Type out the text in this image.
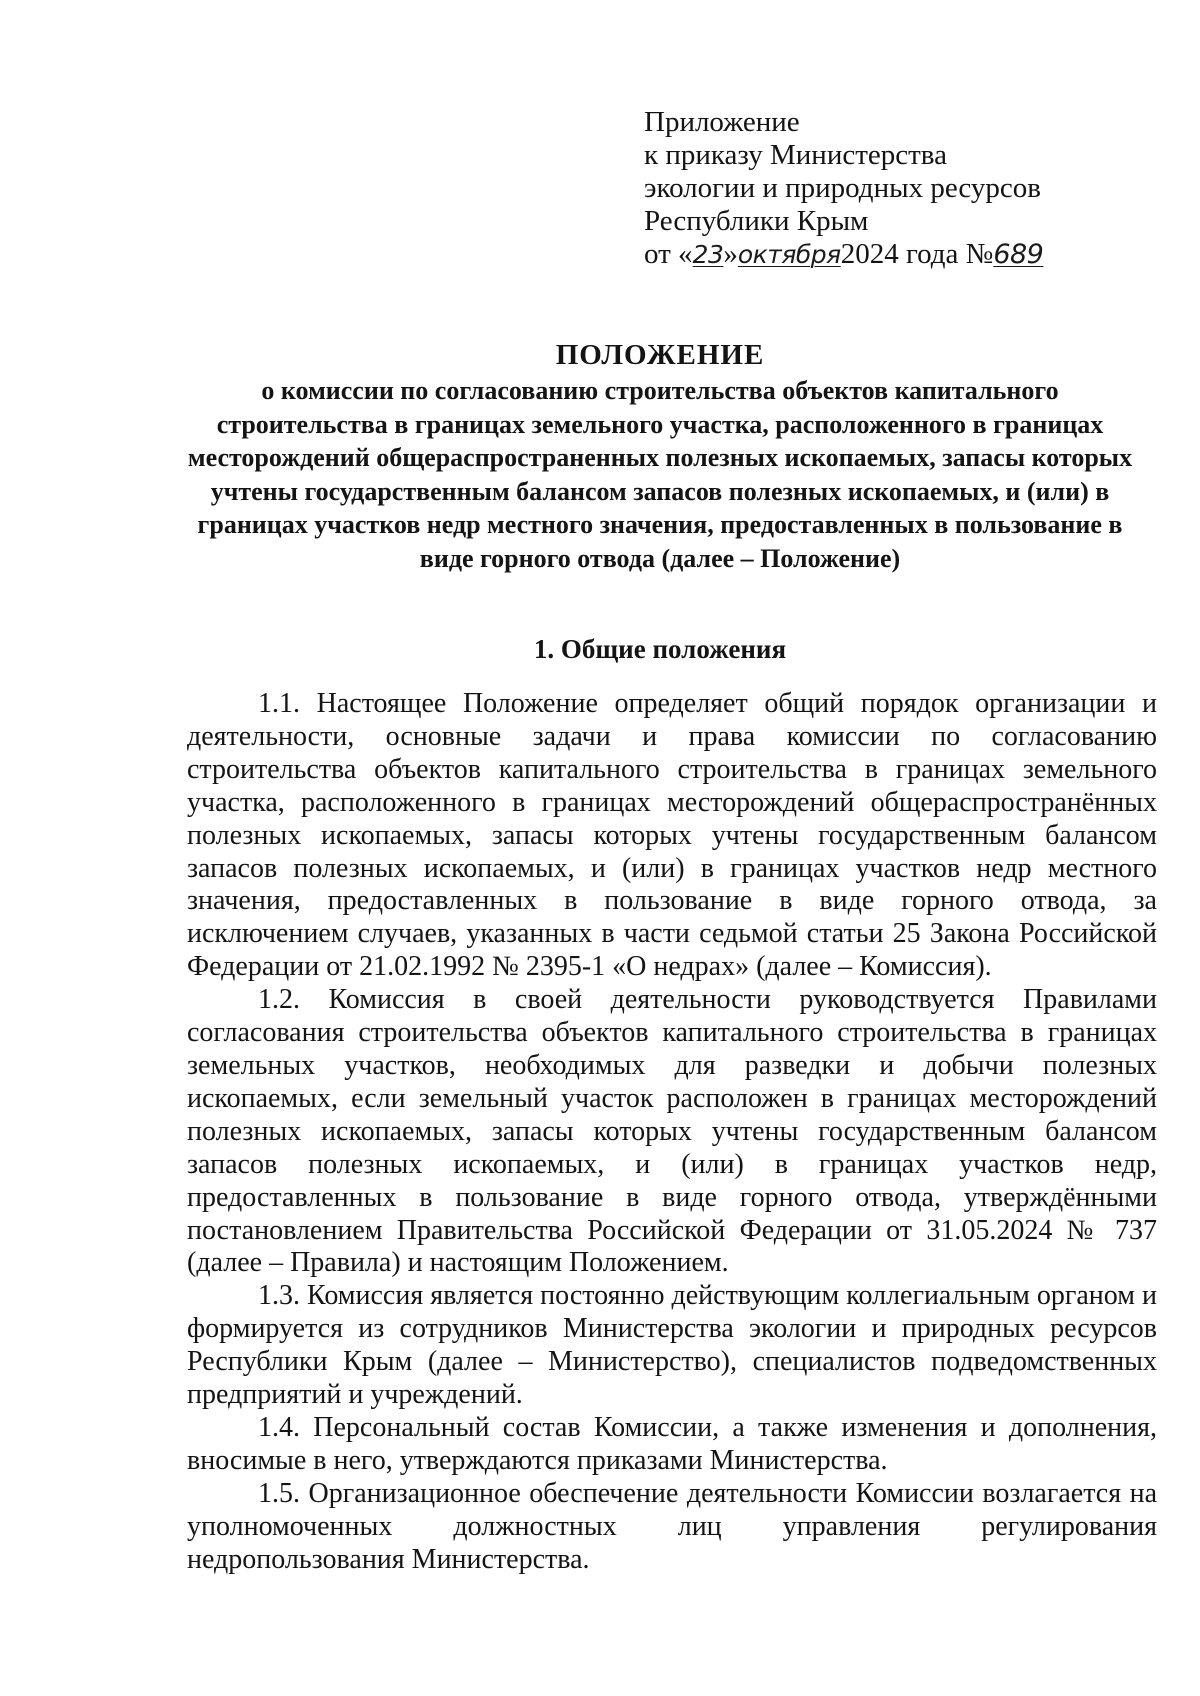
Приложение
к приказу Министерства
экологии и природных ресурсов
Республики Крым
от «23»октября2024 года №689
ПОЛОЖЕНИЕ
о комиссии по согласованию строительства объектов капитального строительства в границах земельного участка, расположенного в границах месторождений общераспространенных полезных ископаемых, запасы которых учтены государственным балансом запасов полезных ископаемых, и (или) в границах участков недр местного значения, предоставленных в пользование в виде горного отвода (далее – Положение)
1. Общие положения

1.1. Настоящее Положение определяет общий порядок организации и деятельности, основные задачи и права комиссии по согласованию строительства объектов капитального строительства в границах земельного участка, расположенного в границах месторождений общераспространённых полезных ископаемых, запасы которых учтены государственным балансом запасов полезных ископаемых, и (или) в границах участков недр местного значения, предоставленных в пользование в виде горного отвода, за исключением случаев, указанных в части седьмой статьи 25 Закона Российской Федерации от 21.02.1992 № 2395-1 «О недрах» (далее – Комиссия).

1.2. Комиссия в своей деятельности руководствуется Правилами согласования строительства объектов капитального строительства в границах земельных участков, необходимых для разведки и добычи полезных ископаемых, если земельный участок расположен в границах месторождений полезных ископаемых, запасы которых учтены государственным балансом запасов полезных ископаемых, и (или) в границах участков недр, предоставленных в пользование в виде горного отвода, утверждёнными постановлением Правительства Российской Федерации от 31.05.2024 № 737 (далее – Правила) и настоящим Положением.

1.3. Комиссия является постоянно действующим коллегиальным органом и формируется из сотрудников Министерства экологии и природных ресурсов Республики Крым (далее – Министерство), специалистов подведомственных предприятий и учреждений.

1.4. Персональный состав Комиссии, а также изменения и дополнения, вносимые в него, утверждаются приказами Министерства.

1.5. Организационное обеспечение деятельности Комиссии возлагается на уполномоченных должностных лиц управления регулирования недропользования Министерства.
